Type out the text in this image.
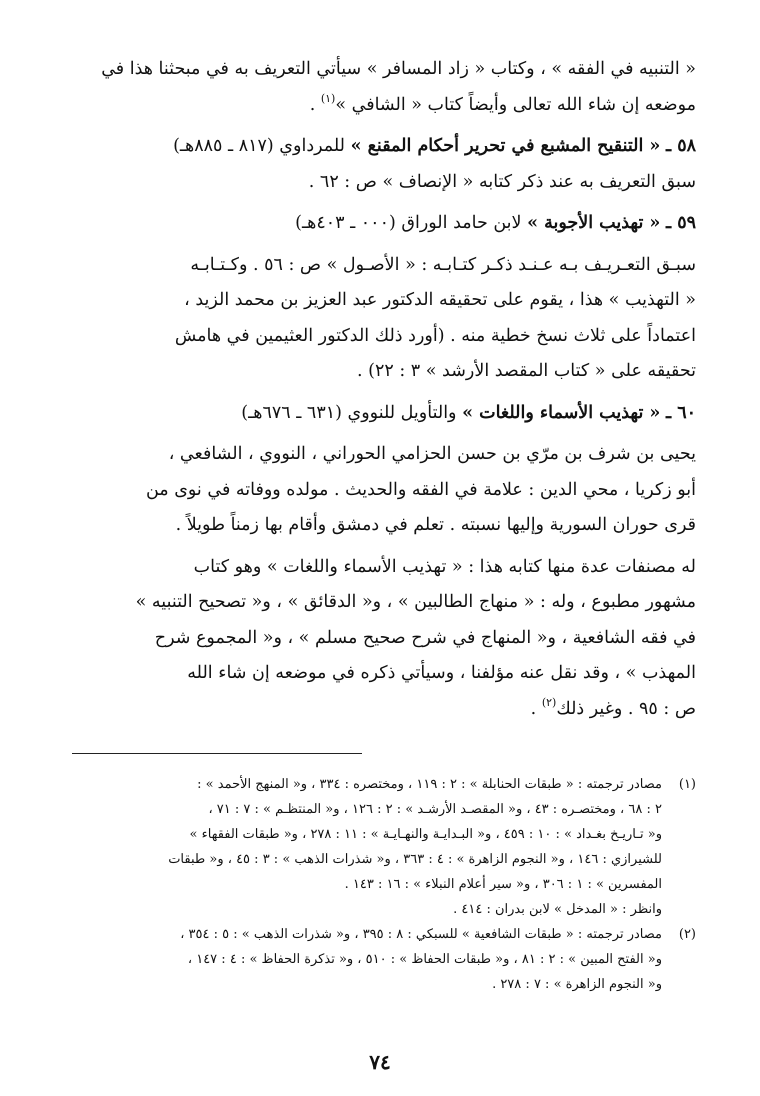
« التنبيه في الفقه » ، وكتاب « زاد المسافر » سيأتي التعريف به في مبحثنا هذا في

موضعه إن شاء الله تعالى وأيضاً كتاب « الشافي »$^{(١)}$ .

٥٨ ـ « التنقيح المشبع في تحرير أحكام المقنع » للمرداوي (٨١٧ ـ ٨٨٥هـ)

سبق التعريف به عند ذكر كتابه « الإنصاف » ص : ٦٢ .

٥٩ ـ « تهذيب الأجوبة » لابن حامد الوراق (٠٠٠ ـ ٤٠٣هـ)

سبـق التعـريـف بـه عـنـد ذكـر كتـابـه : « الأصـول » ص : ٥٦ . وكـتـابـه

« التهذيب » هذا ، يقوم على تحقيقه الدكتور عبد العزيز بن محمد الزيد ،

اعتماداً على ثلاث نسخ خطية منه . (أورد ذلك الدكتور العثيمين في هامش

تحقيقه على « كتاب المقصد الأرشد » ٣ : ٢٢) .

٦٠ ـ « تهذيب الأسماء واللغات » والتأويل للنووي (٦٣١ ـ ٦٧٦هـ)

يحيى بن شرف بن مرّي بن حسن الحزامي الحوراني ، النووي ، الشافعي ،

أبو زكريا ، محي الدين : علامة في الفقه والحديث . مولده ووفاته في نوى من

قرى حوران السورية وإليها نسبته . تعلم في دمشق وأقام بها زمناً طويلاً .

له مصنفات عدة منها كتابه هذا : « تهذيب الأسماء واللغات » وهو كتاب

مشهور مطبوع ، وله : « منهاج الطالبين » ، و« الدقائق » ، و« تصحيح التنبيه »

في فقه الشافعية ، و« المنهاج في شرح صحيح مسلم » ، و« المجموع شرح

المهذب » ، وقد نقل عنه مؤلفنا ، وسيأتي ذكره في موضعه إن شاء الله

ص : ٩٥ . وغير ذلك$^{(٢)}$ .

(١)
مصادر ترجمته : « طبقات الحنابلة » : ٢ : ١١٩ ، ومختصره : ٣٣٤ ، و« المنهج الأحمد » :
٢ : ٦٨ ، ومختصـره : ٤٣ ، و« المقصـد الأرشـد » : ٢ : ١٢٦ ، و« المنتظـم » : ٧ : ٧١ ،
و« تـاريـخ بغـداد » : ١٠ : ٤٥٩ ، و« البـدايـة والنهـايـة » : ١١ : ٢٧٨ ، و« طبقات الفقهاء »
للشيرازي : ١٤٦ ، و« النجوم الزاهرة » : ٤ : ٣٦٣ ، و« شذرات الذهب » : ٣ : ٤٥ ، و« طبقات
المفسرين » : ١ : ٣٠٦ ، و« سير أعلام النبلاء » : ١٦ : ١٤٣ .
وانظر : « المدخل » لابن بدران : ٤١٤ .
(٢)
مصادر ترجمته : « طبقات الشافعية » للسبكي : ٨ : ٣٩٥ ، و« شذرات الذهب » : ٥ : ٣٥٤ ،
و« الفتح المبين » : ٢ : ٨١ ، و« طبقات الحفاظ » : ٥١٠ ، و« تذكرة الحفاظ » : ٤ : ١٤٧ ،
و« النجوم الزاهرة » : ٧ : ٢٧٨ .
٧٤
